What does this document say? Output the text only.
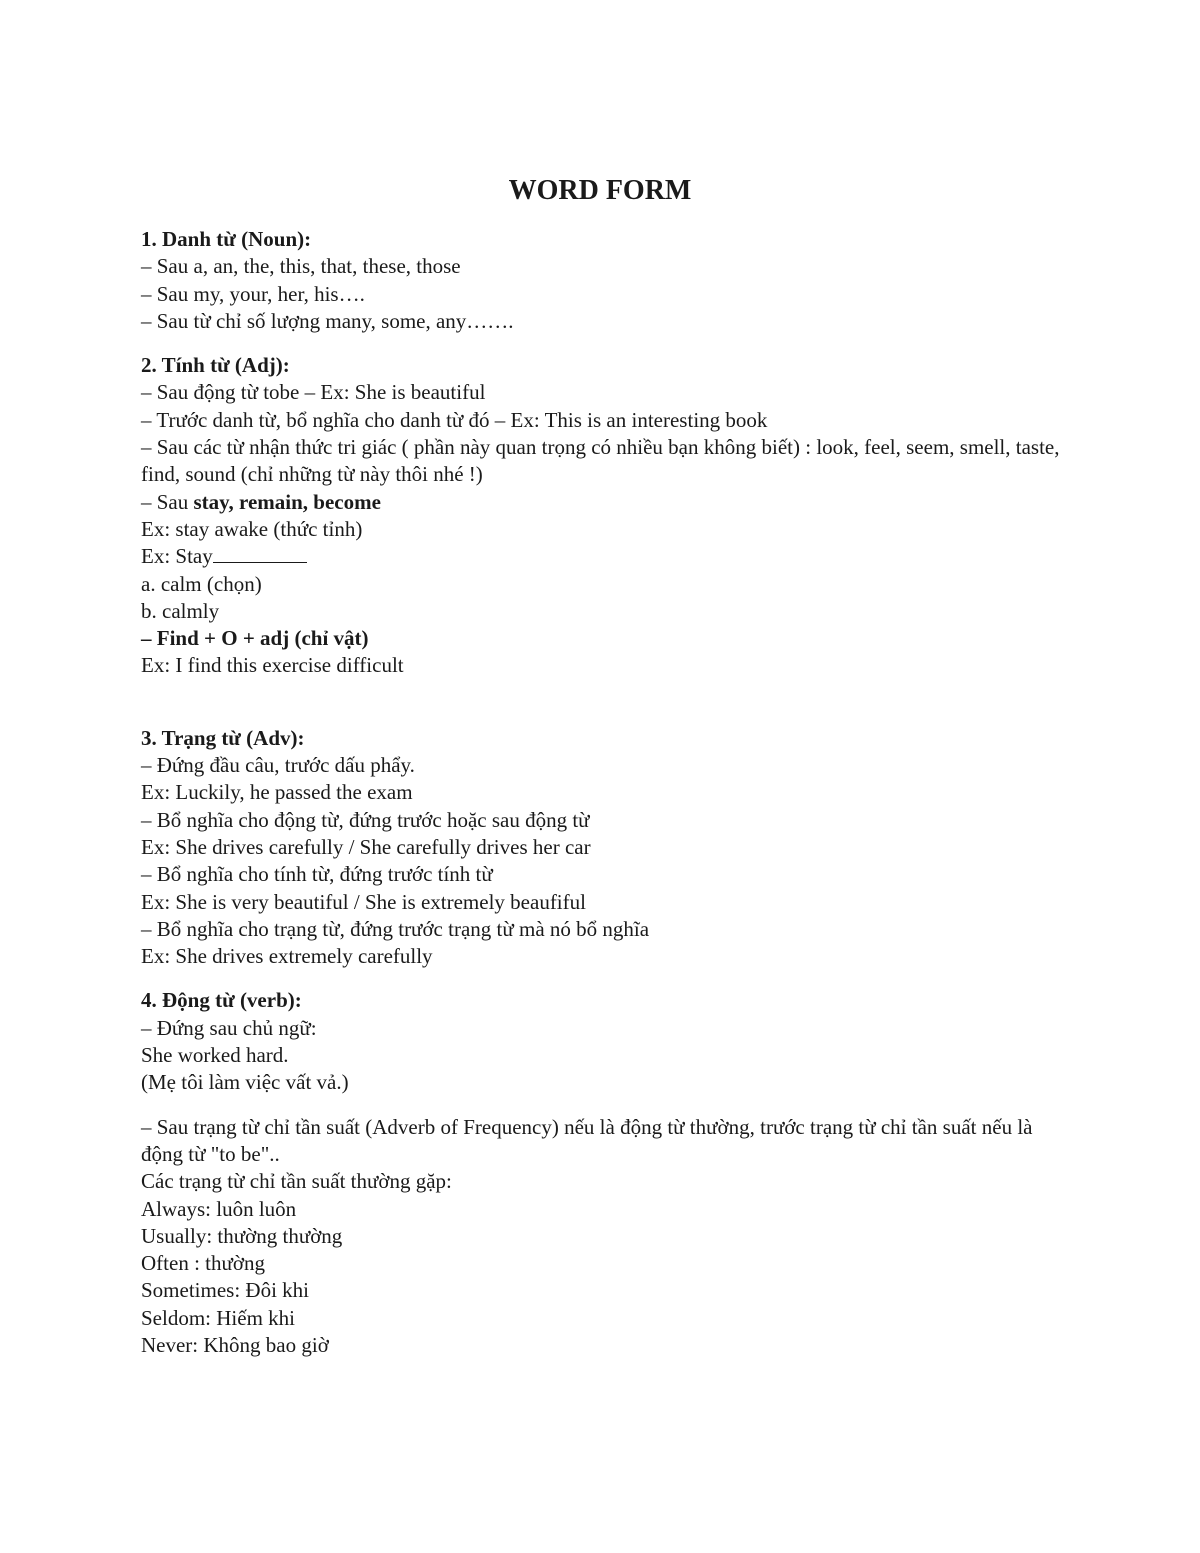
WORD FORM
1. Danh từ (Noun):
– Sau a, an, the, this, that, these, those
– Sau my, your, her, his….
– Sau từ chỉ số lượng many, some, any…….
2. Tính từ (Adj):
– Sau động từ tobe – Ex: She is beautiful
– Trước danh từ, bổ nghĩa cho danh từ đó – Ex: This is an interesting book
– Sau các từ nhận thức tri giác ( phần này quan trọng có nhiều bạn không biết) : look, feel, seem, smell, taste, find, sound (chỉ những từ này thôi nhé !)
– Sau stay, remain, become
Ex: stay awake (thức tỉnh)
Ex: Stay
a. calm (chọn)
b. calmly
– Find + O + adj (chỉ vật)
Ex: I find this exercise difficult
3. Trạng từ (Adv):
– Đứng đầu câu, trước dấu phẩy.
Ex: Luckily, he passed the exam
– Bổ nghĩa cho động từ, đứng trước hoặc sau động từ
Ex: She drives carefully / She carefully drives her car
– Bổ nghĩa cho tính từ, đứng trước tính từ
Ex: She is very beautiful / She is extremely beaufiful
– Bổ nghĩa cho trạng từ, đứng trước trạng từ mà nó bổ nghĩa
Ex: She drives extremely carefully
4. Động từ (verb):
– Đứng sau chủ ngữ:
She worked hard.
(Mẹ tôi làm việc vất vả.)
– Sau trạng từ chỉ tần suất (Adverb of Frequency) nếu là động từ thường, trước trạng từ chỉ tần suất nếu là động từ "to be"..
Các trạng từ chỉ tần suất thường gặp:
Always: luôn luôn
Usually: thường thường
Often : thường
Sometimes: Đôi khi
Seldom: Hiếm khi
Never: Không bao giờ
